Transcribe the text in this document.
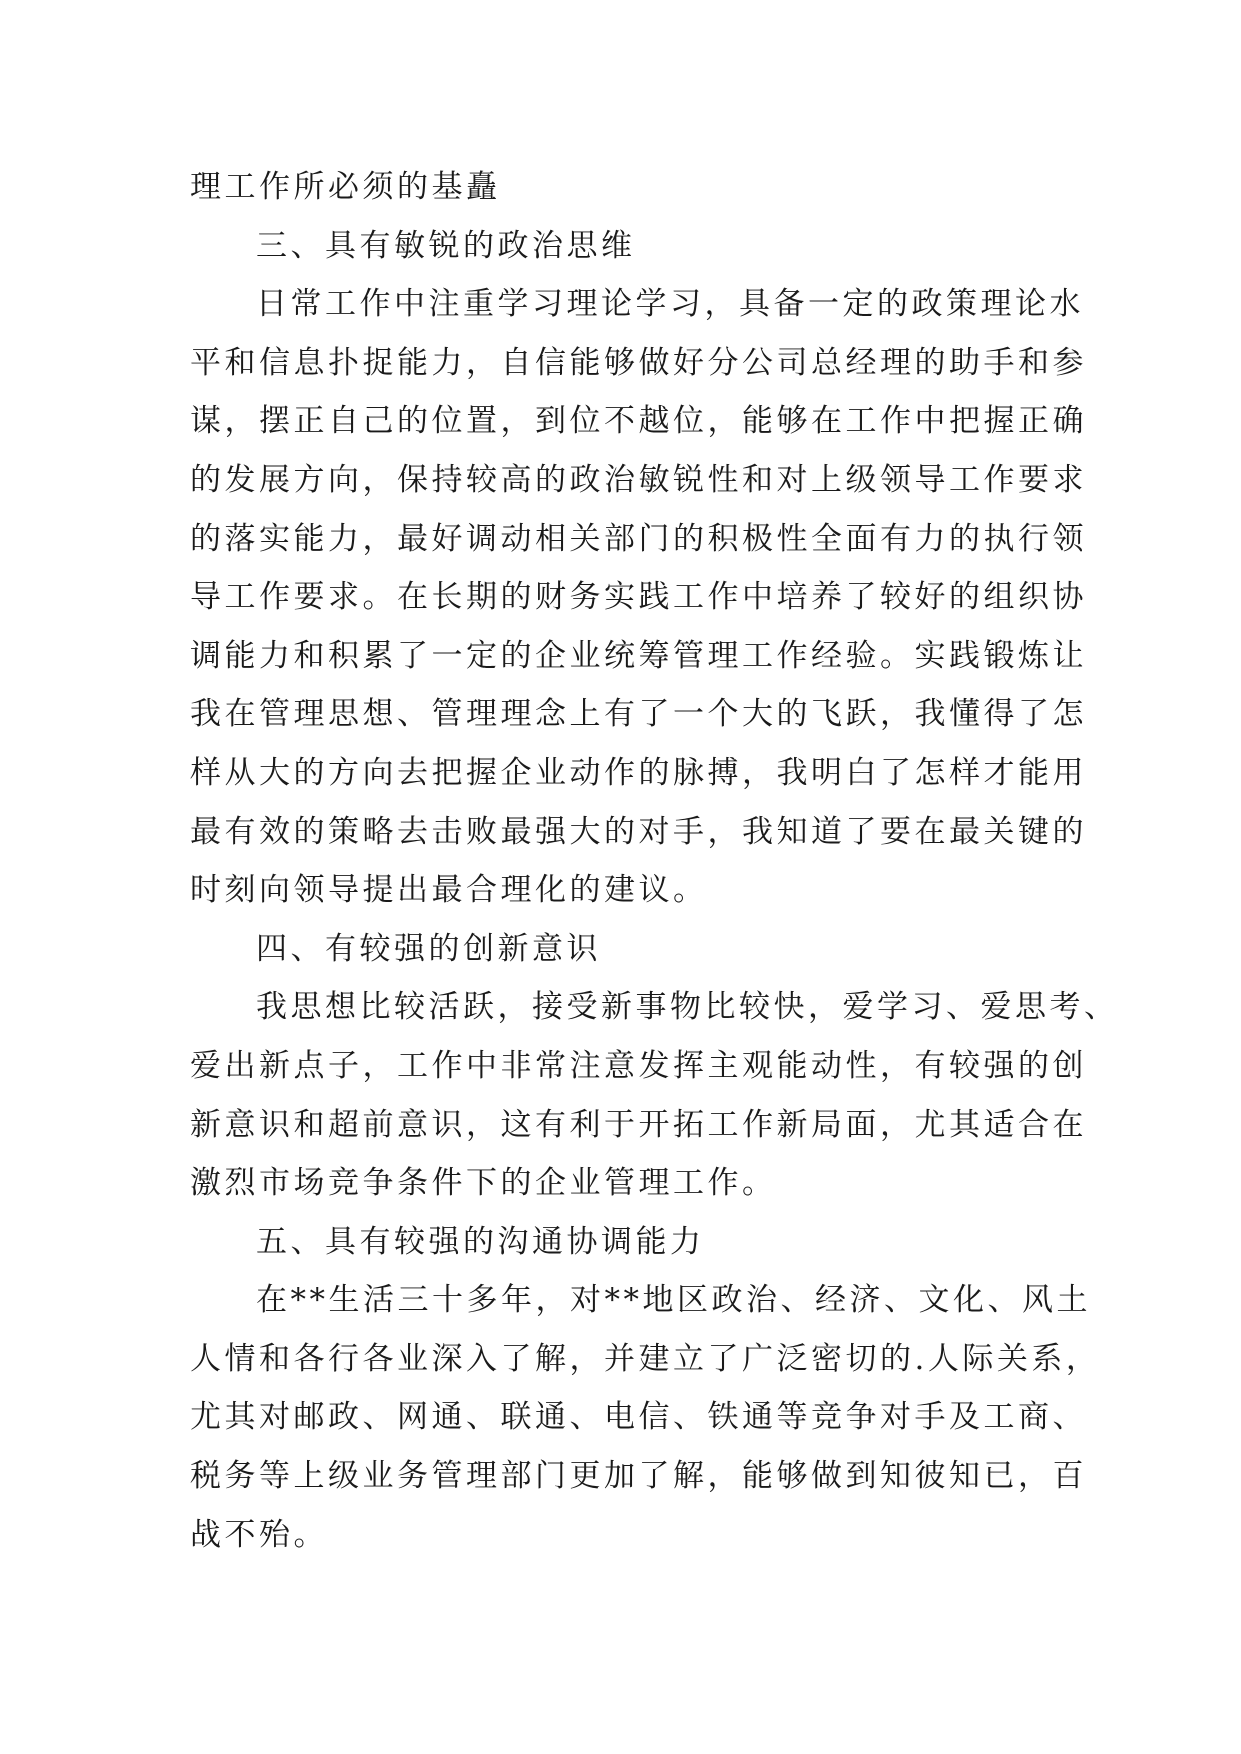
理工作所必须的基矗
三、具有敏锐的政治思维
日常工作中注重学习理论学习，具备一定的政策理论水
平和信息扑捉能力，自信能够做好分公司总经理的助手和参
谋，摆正自己的位置，到位不越位，能够在工作中把握正确
的发展方向，保持较高的政治敏锐性和对上级领导工作要求
的落实能力，最好调动相关部门的积极性全面有力的执行领
导工作要求。在长期的财务实践工作中培养了较好的组织协
调能力和积累了一定的企业统筹管理工作经验。实践锻炼让
我在管理思想、管理理念上有了一个大的飞跃，我懂得了怎
样从大的方向去把握企业动作的脉搏，我明白了怎样才能用
最有效的策略去击败最强大的对手，我知道了要在最关键的
时刻向领导提出最合理化的建议。
四、有较强的创新意识
我思想比较活跃，接受新事物比较快，爱学习、爱思考、
爱出新点子，工作中非常注意发挥主观能动性，有较强的创
新意识和超前意识，这有利于开拓工作新局面，尤其适合在
激烈市场竞争条件下的企业管理工作。
五、具有较强的沟通协调能力
在**生活三十多年，对**地区政治、经济、文化、风土
人情和各行各业深入了解，并建立了广泛密切的.人际关系，
尤其对邮政、网通、联通、电信、铁通等竞争对手及工商、
税务等上级业务管理部门更加了解，能够做到知彼知已，百
战不殆。
